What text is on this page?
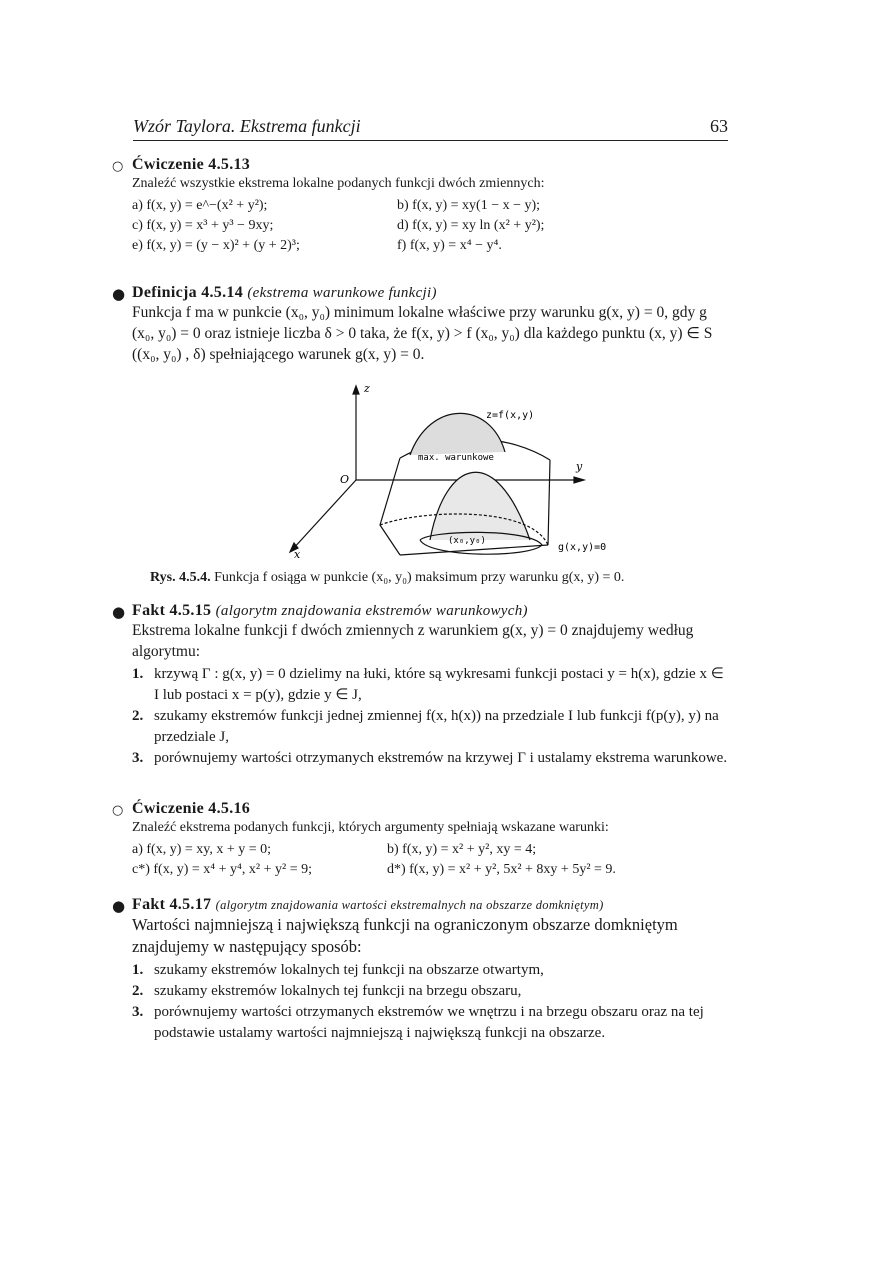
Wzór Taylora. Ekstrema funkcji	63
○ Ćwiczenie 4.5.13
Znaleźć wszystkie ekstrema lokalne podanych funkcji dwóch zmiennych:
a) f(x, y) = e^−(x² + y²);	b) f(x, y) = xy(1 − x − y);
c) f(x, y) = x³ + y³ − 9xy;	d) f(x, y) = xy ln (x² + y²);
e) f(x, y) = (y − x)² + (y + 2)³;	f) f(x, y) = x⁴ − y⁴.
● Definicja 4.5.14 (ekstrema warunkowe funkcji)
Funkcja f ma w punkcie (x₀, y₀) minimum lokalne właściwe przy warunku g(x, y) = 0, gdy g (x₀, y₀) = 0 oraz istnieje liczba δ > 0 taka, że f(x, y) > f (x₀, y₀) dla każdego punktu (x, y) ∈ S ((x₀, y₀) , δ) spełniającego warunek g(x, y) = 0.
z
y
x
O
z=f(x,y)
max. warunkowe
(x₀,y₀)
g(x,y)=0
Rys. 4.5.4. Funkcja f osiąga w punkcie (x₀, y₀) maksimum przy warunku g(x, y) = 0.
● Fakt 4.5.15 (algorytm znajdowania ekstremów warunkowych)
Ekstrema lokalne funkcji f dwóch zmiennych z warunkiem g(x, y) = 0 znajdujemy według algorytmu:
1. krzywą Γ : g(x, y) = 0 dzielimy na łuki, które są wykresami funkcji postaci y = h(x), gdzie x ∈ I lub postaci x = p(y), gdzie y ∈ J,
2. szukamy ekstremów funkcji jednej zmiennej f(x, h(x)) na przedziale I lub funkcji f(p(y), y) na przedziale J,
3. porównujemy wartości otrzymanych ekstremów na krzywej Γ i ustalamy ekstrema warunkowe.
○ Ćwiczenie 4.5.16
Znaleźć ekstrema podanych funkcji, których argumenty spełniają wskazane warunki:
a) f(x, y) = xy, x + y = 0;	b) f(x, y) = x² + y², xy = 4;
c*) f(x, y) = x⁴ + y⁴, x² + y² = 9;	d*) f(x, y) = x² + y², 5x² + 8xy + 5y² = 9.
● Fakt 4.5.17 (algorytm znajdowania wartości ekstremalnych na obszarze domkniętym)
Wartości najmniejszą i największą funkcji na ograniczonym obszarze domkniętym znajdujemy w następujący sposób:
1. szukamy ekstremów lokalnych tej funkcji na obszarze otwartym,
2. szukamy ekstremów lokalnych tej funkcji na brzegu obszaru,
3. porównujemy wartości otrzymanych ekstremów we wnętrzu i na brzegu obszaru oraz na tej podstawie ustalamy wartości najmniejszą i największą funkcji na obszarze.
